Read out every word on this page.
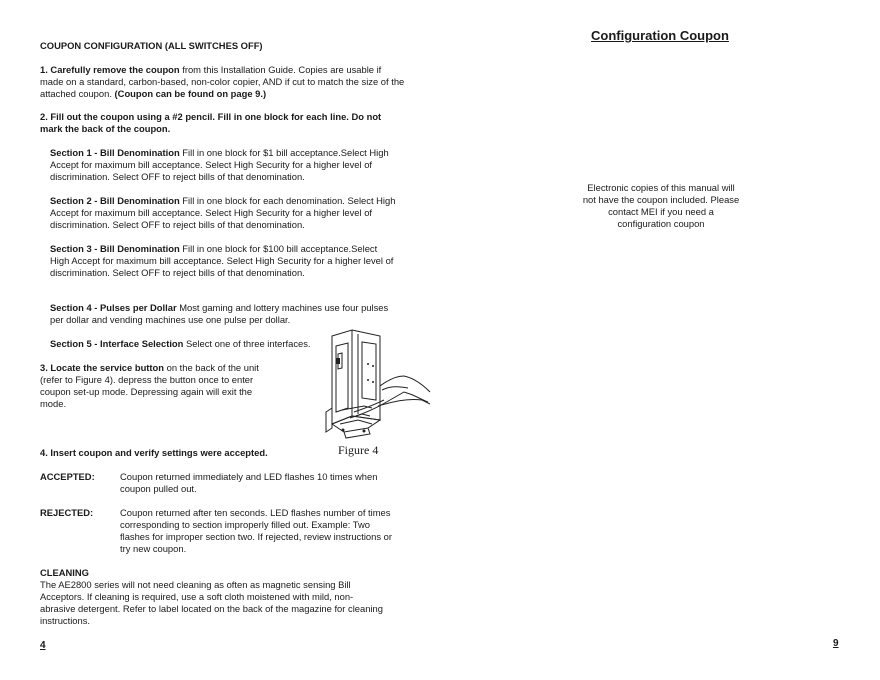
COUPON CONFIGURATION (ALL SWITCHES OFF)
1. Carefully remove the coupon from this Installation Guide. Copies are usable if made on a standard, carbon-based, non-color copier, AND if cut to match the size of the attached coupon. (Coupon can be found on page 9.)
2. Fill out the coupon using a #2 pencil. Fill in one block for each line. Do not mark the back of the coupon.
Section 1 - Bill Denomination Fill in one block for $1 bill acceptance.Select High Accept for maximum bill acceptance. Select High Security for a higher level of discrimination. Select OFF to reject bills of that denomination.
Section 2 - Bill Denomination Fill in one block for each denomination. Select High Accept for maximum bill acceptance. Select High Security for a higher level of discrimination. Select OFF to reject bills of that denomination.
Section 3 - Bill Denomination Fill in one block for $100 bill acceptance.Select High Accept for maximum bill acceptance. Select High Security for a higher level of discrimination. Select OFF to reject bills of that denomination.
Section 4 - Pulses per Dollar Most gaming and lottery machines use four pulses per dollar and vending machines use one pulse per dollar.
Section 5 - Interface Selection Select one of three interfaces.
3. Locate the service button on the back of the unit (refer to Figure 4). depress the button once to enter coupon set-up mode. Depressing again will exit the mode.
Figure 4
4. Insert coupon and verify settings were accepted.
ACCEPTED:	Coupon returned immediately and LED flashes 10 times when coupon pulled out.
REJECTED:	Coupon returned after ten seconds. LED flashes number of times corresponding to section improperly filled out. Example: Two flashes for improper section two. If rejected, review instructions or try new coupon.
CLEANING
The AE2800 series will not need cleaning as often as magnetic sensing Bill Acceptors. If cleaning is required, use a soft cloth moistened with mild, non-abrasive detergent. Refer to label located on the back of the magazine for cleaning instructions.
4
Configuration Coupon
Electronic copies of this manual will not have the coupon included. Please contact MEI if you need a configuration coupon
9
